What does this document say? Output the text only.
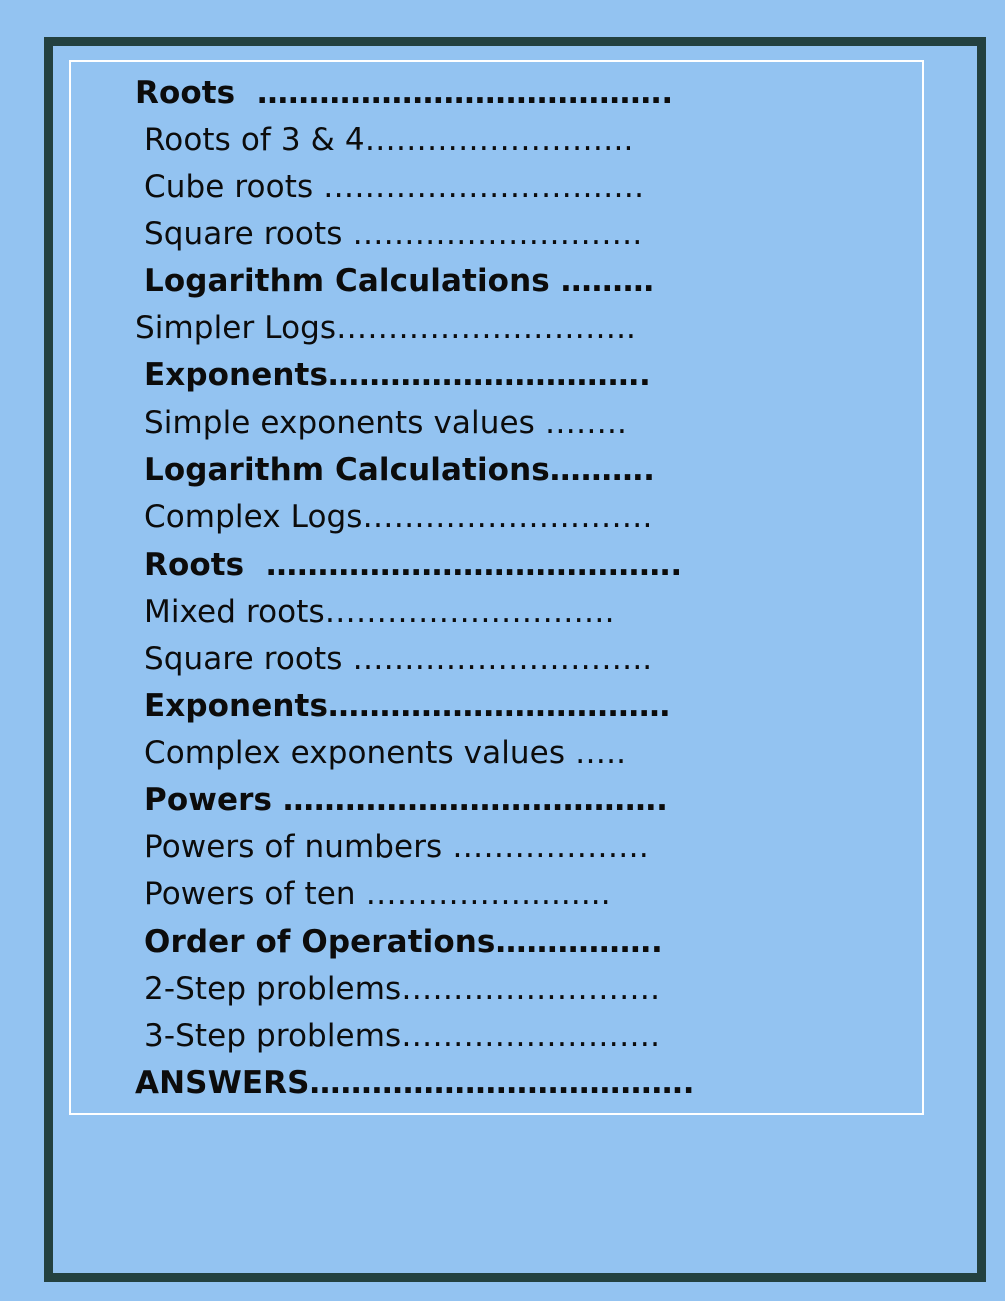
Roots  ………………………………….
Roots of 3 & 4……………………..
Cube roots ………………………….
Square roots ……………………….
Logarithm Calculations ………
Simpler Logs………………………..
Exponents………………………….
Simple exponents values ……..
Logarithm Calculations……….
Complex Logs……………………….
Roots  ………………………………….
Mixed roots……………………….
Square roots ………………………..
Exponents……………………………
Complex exponents values …..
Powers ……………………………….
Powers of numbers ……………….
Powers of ten …………….........
Order of Operations…………….
2-Step problems…………………….
3-Step problems…………………….
ANSWERS……………………………….
